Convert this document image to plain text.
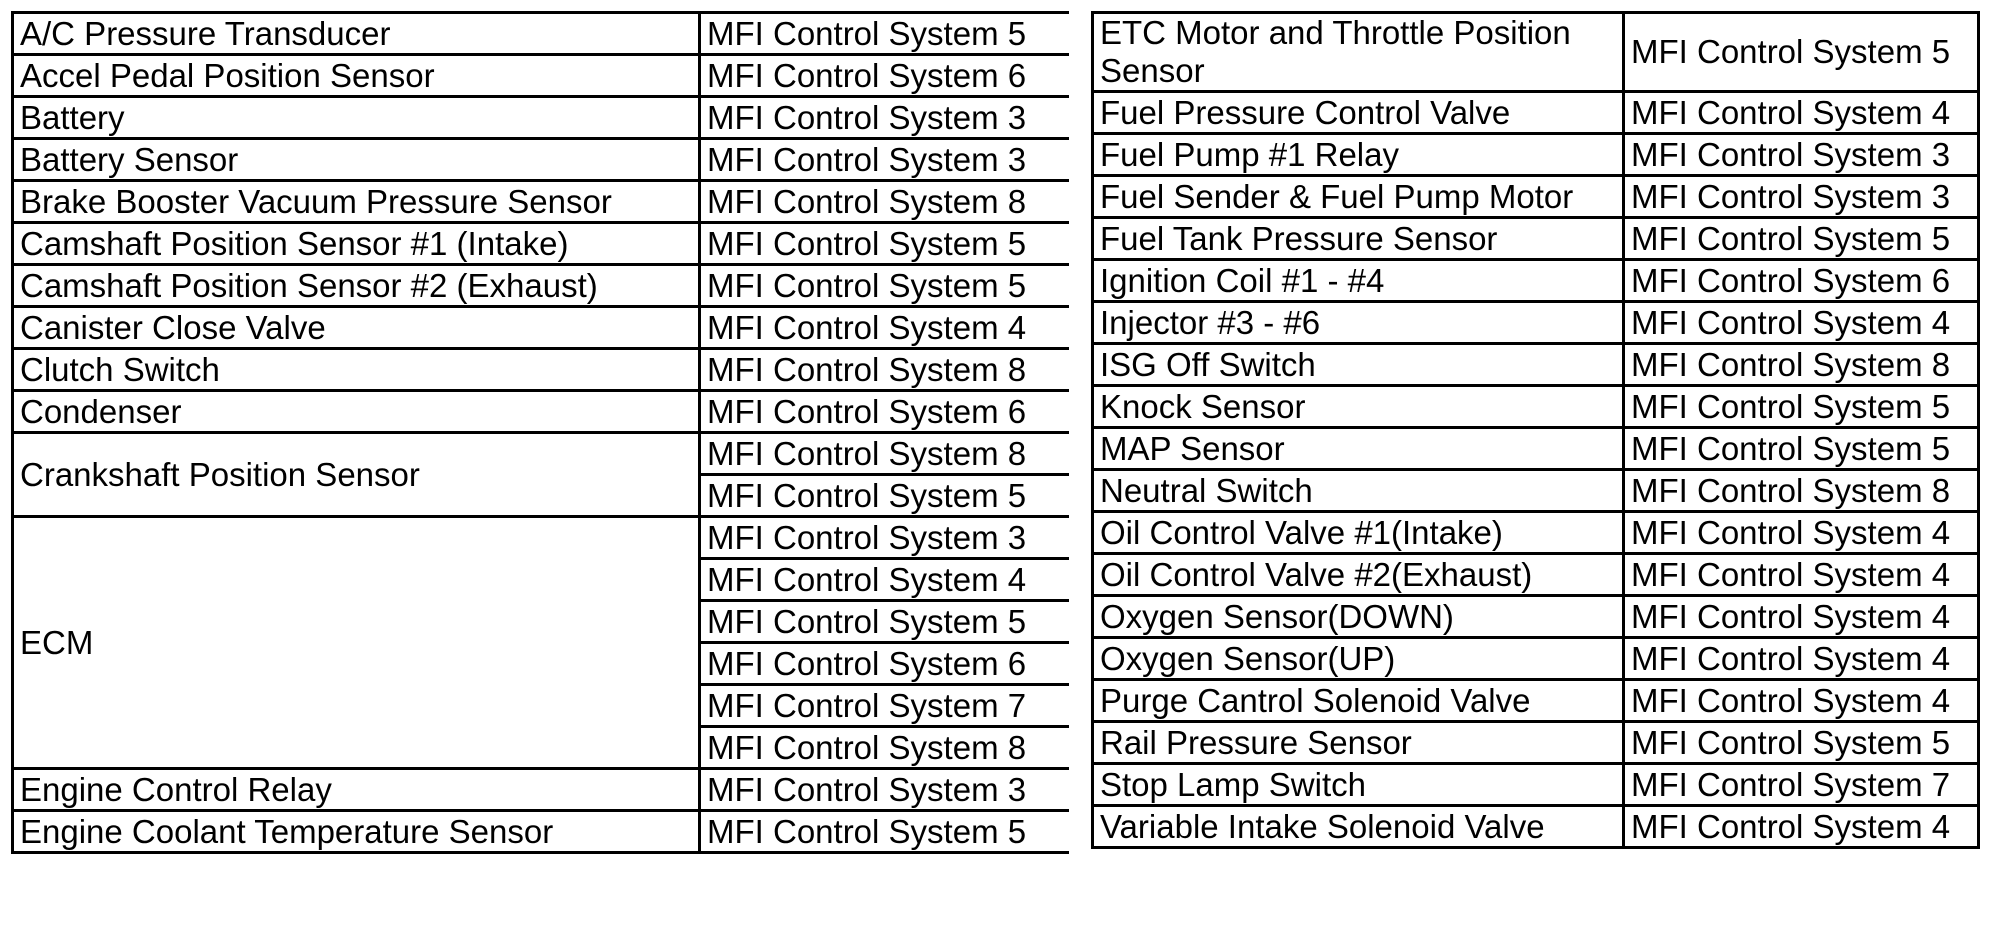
A/C Pressure Transducer	MFI Control System 5
Accel Pedal Position Sensor	MFI Control System 6
Battery	MFI Control System 3
Battery Sensor	MFI Control System 3
Brake Booster Vacuum Pressure Sensor	MFI Control System 8
Camshaft Position Sensor #1 (Intake)	MFI Control System 5
Camshaft Position Sensor #2 (Exhaust)	MFI Control System 5
Canister Close Valve	MFI Control System 4
Clutch Switch	MFI Control System 8
Condenser	MFI Control System 6
Crankshaft Position Sensor	MFI Control System 8
	MFI Control System 5
ECM	MFI Control System 3
	MFI Control System 4
	MFI Control System 5
	MFI Control System 6
	MFI Control System 7
	MFI Control System 8
Engine Control Relay	MFI Control System 3
Engine Coolant Temperature Sensor	MFI Control System 5
ETC Motor and Throttle Position Sensor	MFI Control System 5
Fuel Pressure Control Valve	MFI Control System 4
Fuel Pump #1 Relay	MFI Control System 3
Fuel Sender & Fuel Pump Motor	MFI Control System 3
Fuel Tank Pressure Sensor	MFI Control System 5
Ignition Coil #1 - #4	MFI Control System 6
Injector #3 - #6	MFI Control System 4
ISG Off Switch	MFI Control System 8
Knock Sensor	MFI Control System 5
MAP Sensor	MFI Control System 5
Neutral Switch	MFI Control System 8
Oil Control Valve #1(Intake)	MFI Control System 4
Oil Control Valve #2(Exhaust)	MFI Control System 4
Oxygen Sensor(DOWN)	MFI Control System 4
Oxygen Sensor(UP)	MFI Control System 4
Purge Cantrol Solenoid Valve	MFI Control System 4
Rail Pressure Sensor	MFI Control System 5
Stop Lamp Switch	MFI Control System 7
Variable Intake Solenoid Valve	MFI Control System 4
